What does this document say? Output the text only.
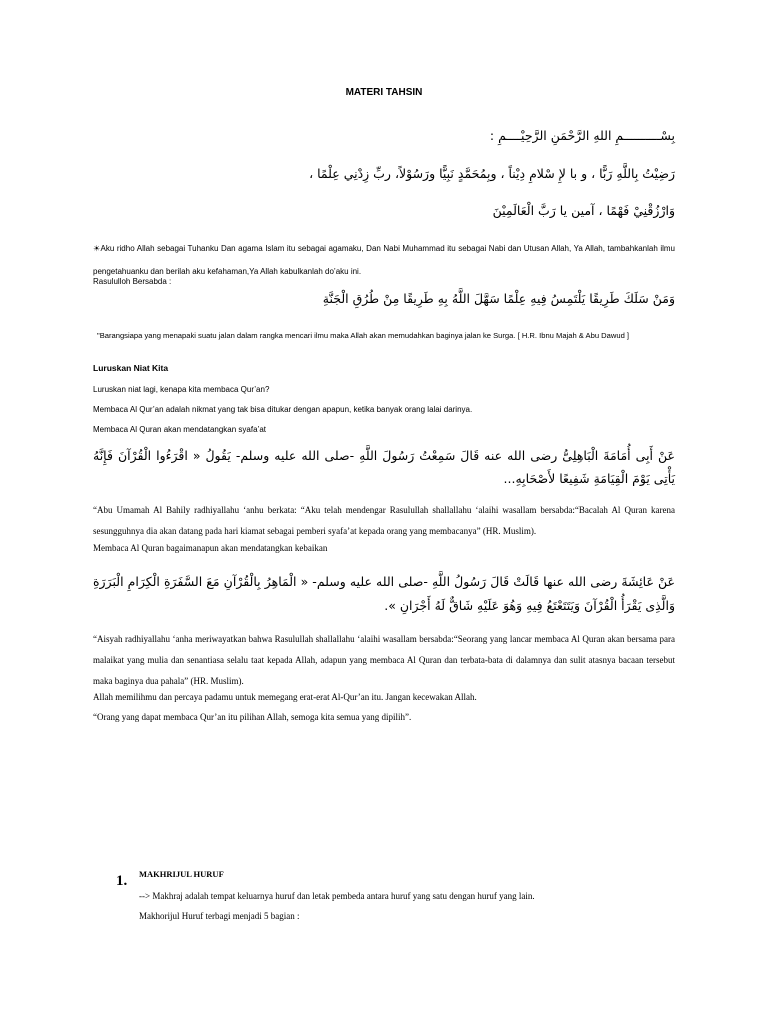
MATERI TAHSIN
بِسْــــــــــمِ اللهِ الرَّحْمَنِ الرَّحِيْــــمِ :
رَضِيْتُ بِاللَّهِ رَبًّا ، و با لإِ سْلامِ دِيْناً ، وبِمُحَمَّدٍ نَبِيًّا ورَسُوْلاً، ربِّ زِدْنِي عِلْمًا ،
وَارْزُقْنِيْ فَهْمًا ، آمين يا رَبَّ الْعَالَمِيْنَ
☀Aku ridho Allah sebagai Tuhanku Dan agama Islam itu sebagai agamaku, Dan Nabi Muhammad itu sebagai Nabi dan Utusan Allah, Ya Allah, tambahkanlah ilmu pengetahuanku dan berilah aku kefahaman,Ya Allah kabulkanlah do’aku ini.
Rasululloh Bersabda :
وَمَنْ سَلَكَ طَرِيقًا يَلْتَمِسُ فِيهِ عِلْمًا سَهَّلَ اللَّهُ بِهِ طَرِيقًا مِنْ طُرُقِ الْجَنَّةِ
"Barangsiapa yang menapaki suatu jalan dalam rangka mencari ilmu maka Allah akan memudahkan baginya jalan ke Surga. [ H.R. Ibnu Majah & Abu Dawud ]
Luruskan Niat Kita
Luruskan niat lagi, kenapa kita membaca Qur’an?
Membaca Al Qur’an adalah nikmat yang tak bisa ditukar dengan apapun, ketika banyak orang lalai darinya.
Membaca Al Quran akan mendatangkan syafa’at
عَنْ أَبِى أُمَامَةَ الْبَاهِلِىُّ رضى الله عنه قَالَ سَمِعْتُ رَسُولَ اللَّهِ -صلى الله عليه وسلم- يَقُولُ « اقْرَءُوا الْقُرْآنَ فَإِنَّهُ يَأْتِى يَوْمَ الْقِيَامَةِ شَفِيعًا لأَصْحَابِهِ...
“Abu Umamah Al Bahily radhiyallahu ‘anhu berkata: “Aku telah mendengar Rasulullah shallallahu ‘alaihi wasallam bersabda:“Bacalah Al Quran karena sesungguhnya dia akan datang pada hari kiamat sebagai pemberi syafa’at kepada orang yang membacanya” (HR. Muslim).
Membaca Al Quran bagaimanapun akan mendatangkan kebaikan
عَنْ عَائِشَةَ رضى الله عنها قَالَتْ قَالَ رَسُولُ اللَّهِ -صلى الله عليه وسلم- « الْمَاهِرُ بِالْقُرْآنِ مَعَ السَّفَرَةِ الْكِرَامِ الْبَرَرَةِ وَالَّذِى يَقْرَأُ الْقُرْآنَ وَيَتَتَعْتَعُ فِيهِ وَهُوَ عَلَيْهِ شَاقٌّ لَهُ أَجْرَانِ ».
“Aisyah radhiyallahu ‘anha meriwayatkan bahwa Rasulullah shallallahu ‘alaihi wasallam bersabda:“Seorang yang lancar membaca Al Quran akan bersama para malaikat yang mulia dan senantiasa selalu taat kepada Allah, adapun yang membaca Al Quran dan terbata-bata di dalamnya dan sulit atasnya bacaan tersebut maka baginya dua pahala” (HR. Muslim).
Allah memilihmu dan percaya padamu untuk memegang erat-erat Al-Qur’an itu. Jangan kecewakan Allah.
“Orang yang dapat membaca Qur’an itu pilihan Allah, semoga kita semua yang dipilih”.
1. MAKHRIJUL HURUF
--> Makhraj adalah tempat keluarnya huruf dan letak pembeda antara huruf yang satu dengan huruf yang lain.
Makhorijul Huruf terbagi menjadi 5 bagian :
